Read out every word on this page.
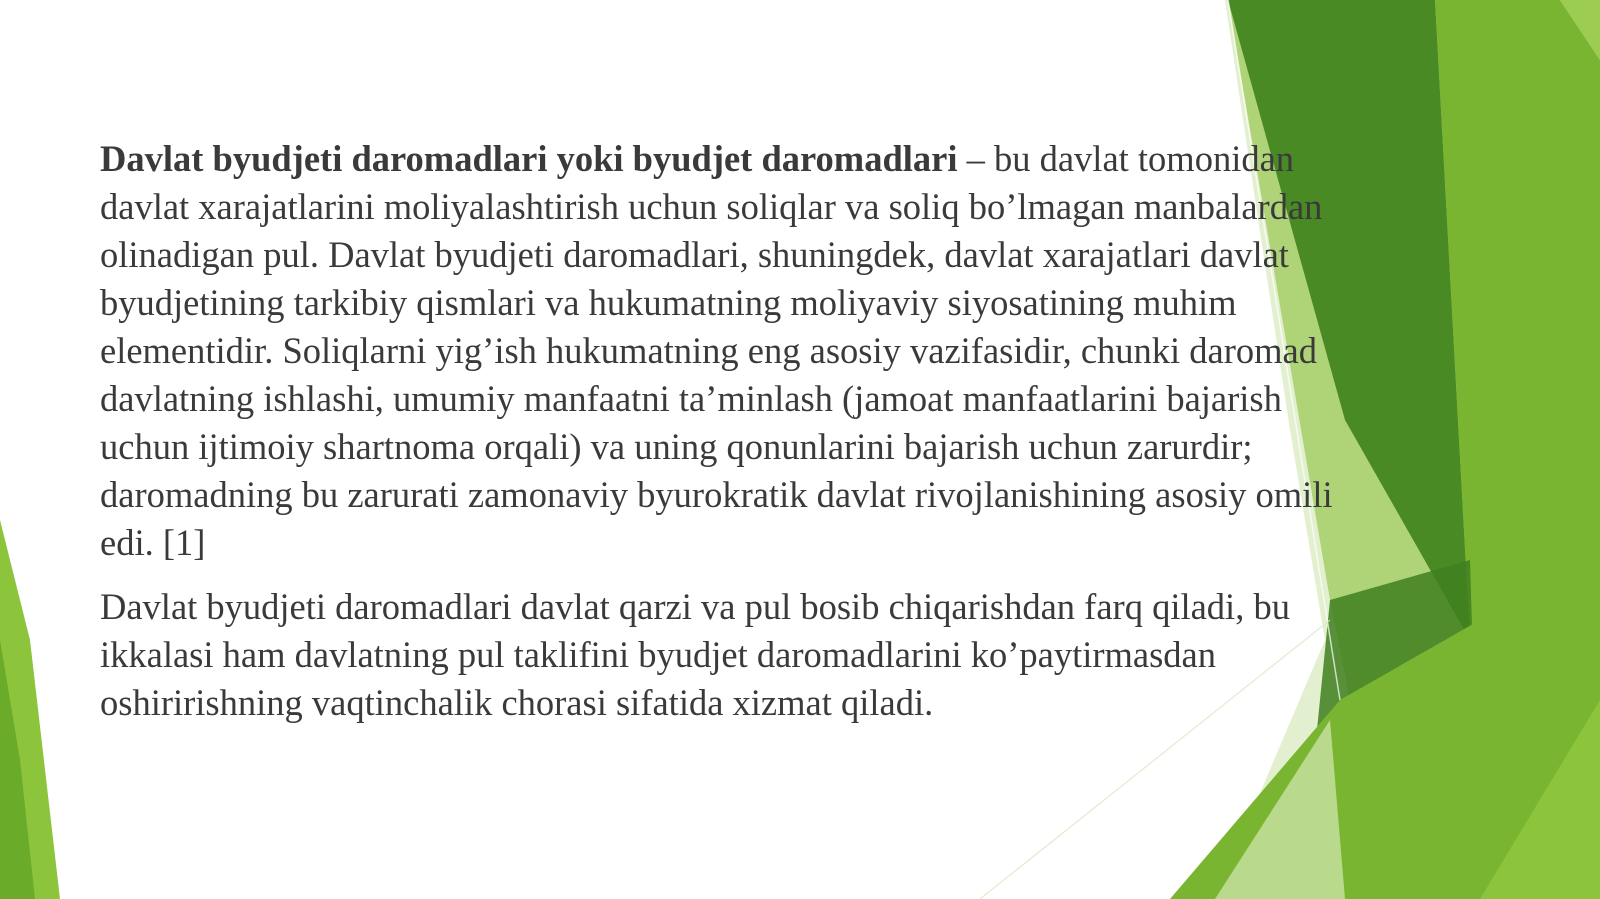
Davlat byudjeti daromadlari yoki byudjet daromadlari – bu davlat tomonidan davlat xarajatlarini moliyalashtirish uchun soliqlar va soliq bo’lmagan manbalardan olinadigan pul. Davlat byudjeti daromadlari, shuningdek, davlat xarajatlari davlat byudjetining tarkibiy qismlari va hukumatning moliyaviy siyosatining muhim elementidir. Soliqlarni yig’ish hukumatning eng asosiy vazifasidir, chunki daromad davlatning ishlashi, umumiy manfaatni ta’minlash (jamoat manfaatlarini bajarish uchun ijtimoiy shartnoma orqali) va uning qonunlarini bajarish uchun zarurdir; daromadning bu zarurati zamonaviy byurokratik davlat rivojlanishining asosiy omili edi. [1]

Davlat byudjeti daromadlari davlat qarzi va pul bosib chiqarishdan farq qiladi, bu ikkalasi ham davlatning pul taklifini byudjet daromadlarini ko’paytirmasdan oshiririshning vaqtinchalik chorasi sifatida xizmat qiladi.
